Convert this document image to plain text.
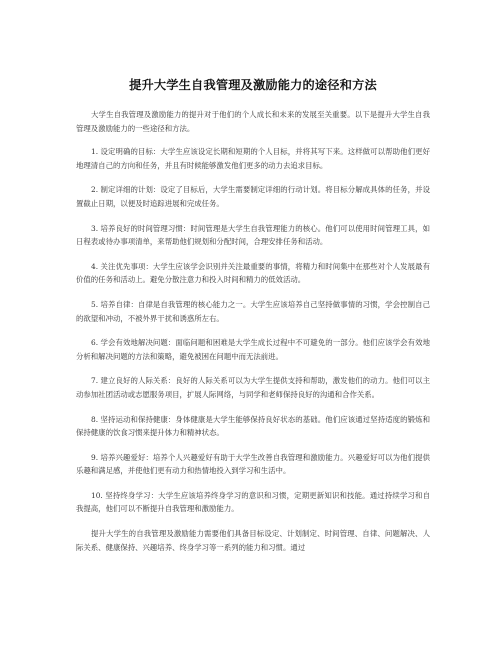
提升大学生自我管理及激励能力的途径和方法

大学生自我管理及激励能力的提升对于他们的个人成长和未来的发展至关重要。以下是提升大学生自我管理及激励能力的一些途径和方法。

1. 设定明确的目标：大学生应该设定长期和短期的个人目标，并将其写下来。这样做可以帮助他们更好地理清自己的方向和任务，并且有时候能够激发他们更多的动力去追求目标。

2. 制定详细的计划：设定了目标后，大学生需要制定详细的行动计划。将目标分解成具体的任务，并设置截止日期，以便及时追踪进展和完成任务。

3. 培养良好的时间管理习惯：时间管理是大学生自我管理能力的核心。他们可以使用时间管理工具，如日程表或待办事项清单，来帮助他们规划和分配时间，合理安排任务和活动。

4. 关注优先事项：大学生应该学会识别并关注最重要的事情，将精力和时间集中在那些对个人发展最有价值的任务和活动上。避免分散注意力和投入时间和精力的低效活动。

5. 培养自律：自律是自我管理的核心能力之一。大学生应该培养自己坚持做事情的习惯，学会控制自己的欲望和冲动，不被外界干扰和诱惑所左右。

6. 学会有效地解决问题：面临问题和困难是大学生成长过程中不可避免的一部分。他们应该学会有效地分析和解决问题的方法和策略，避免被困在问题中而无法前进。

7. 建立良好的人际关系：良好的人际关系可以为大学生提供支持和帮助，激发他们的动力。他们可以主动参加社团活动或志愿服务项目，扩展人际网络，与同学和老师保持良好的沟通和合作关系。

8. 坚持运动和保持健康：身体健康是大学生能够保持良好状态的基础。他们应该通过坚持适度的锻炼和保持健康的饮食习惯来提升体力和精神状态。

9. 培养兴趣爱好：培养个人兴趣爱好有助于大学生改善自我管理和激励能力。兴趣爱好可以为他们提供乐趣和满足感，并使他们更有动力和热情地投入到学习和生活中。

10. 坚持终身学习：大学生应该培养终身学习的意识和习惯，定期更新知识和技能。通过持续学习和自我提高，他们可以不断提升自我管理和激励能力。

提升大学生的自我管理及激励能力需要他们具备目标设定、计划制定、时间管理、自律、问题解决、人际关系、健康保持、兴趣培养、终身学习等一系列的能力和习惯。通过
